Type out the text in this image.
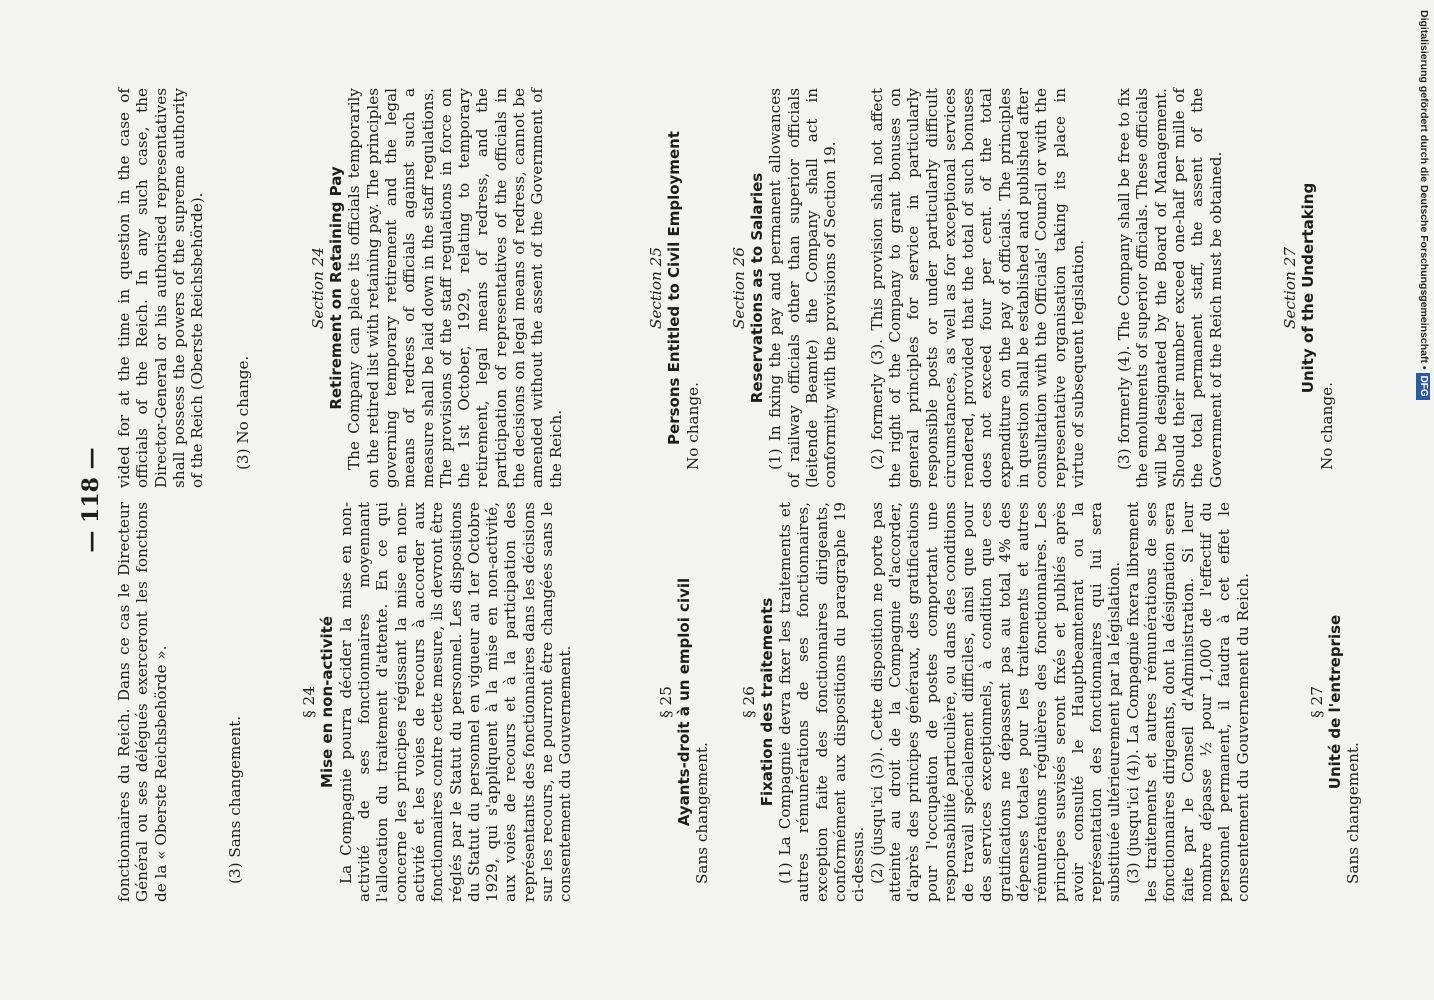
— 118 —

fonctionnaires du Reich. Dans ce cas le Directeur Général ou ses délégués exerceront les fonctions de la « Oberste Reichsbehörde ».	(3) Sans changement.

§ 24 Mise en non-activité La Compagnie pourra décider la mise en non-activité de ses fonctionnaires moyennant l'allocation du traitement d'attente. En ce qui concerne les principes régissant la mise en non-activité et les voies de recours à accorder aux fonctionnaires contre cette mesure, ils devront être réglés par le Statut du personnel. Les dispositions du Statut du personnel en vigueur au 1er Octobre 1929, qui s'appliquent à la mise en non-activité, aux voies de recours et à la participation des représentants des fonctionnaires dans les décisions sur les recours, ne pourront être changées sans le consentement du Gouvernement.	§ 25 Ayants-droit à un emploi civil Sans changement.

§ 26 Fixation des traitements (1) La Compagnie devra fixer les traitements et autres rémunérations de ses fonctionnaires, exception faite des fonctionnaires dirigeants, conformément aux dispositions du paragraphe 19 ci-dessus. (2) (jusqu'ici (3)). Cette disposition ne porte pas atteinte au droit de la Compagnie d'accorder, d'après des principes généraux, des gratifications pour l'occupation de postes comportant une responsabilité particulière, ou dans des conditions de travail spécialement difficiles, ainsi que pour des services exceptionnels, à condition que ces gratifications ne dépassent pas au total 4% des dépenses totales pour les traitements et autres rémunérations régulières des fonctionnaires. Les principes susvisés seront fixés et publiés après avoir consulté le Hauptbeamtenrat ou la représentation des fonctionnaires qui lui sera substituée ultérieurement par la législation. (3) (jusqu'ici (4)). La Compagnie fixera librement les traitements et autres rémunérations de ses fonctionnaires dirigeants, dont la désignation sera faite par le Conseil d'Administration. Si leur nombre dépasse ½ pour 1,000 de l'effectif du personnel permanent, il faudra à cet effet le consentement du Gouvernement du Reich.	§ 27 Unité de l'entreprise

Sans changement.

vided for at the time in question in the case of officials of the Reich. In any such case, the Director-General or his authorised representatives shall possess the powers of the supreme authority of the Reich (Oberste Reichsbehörde). (3) No change.

Section 24 Retirement on Retaining Pay The Company can place its officials temporarily on the retired list with retaining pay. The principles governing temporary retirement and the legal means of redress of officials against such a measure shall be laid down in the staff regulations. The provisions of the staff regulations in force on the 1st October, 1929, relating to temporary retirement, legal means of redress, and the participation of representatives of the officials in the decisions on legal means of redress, cannot be amended without the assent of the Government of the Reich.

Section 25 Persons Entitled to Civil Employment No change.

Section 26 Reservations as to Salaries (1) In fixing the pay and permanent allowances of railway officials other than superior officials (leitende Beamte) the Company shall act in conformity with the provisions of Section 19. (2) formerly (3). This provision shall not affect the right of the Company to grant bonuses on general principles for service in particularly responsible posts or under particularly difficult circumstances, as well as for exceptional services rendered, provided that the total of such bonuses does not exceed four per cent. of the total expenditure on the pay of officials. The principles in question shall be established and published after consultation with the Officials' Council or with the representative organisation taking its place in virtue of subsequent legislation. (3) formerly (4). The Company shall be free to fix the emoluments of superior officials. These officials will be designated by the Board of Management. Should their number exceed one-half per mille of the total permanent staff, the assent of the Government of the Reich must be obtained.	Section 27 Unity of the Undertaking

No change.

Digitalisierung gefördert durch die Deutsche Forschungsgemeinschaft •DFG
